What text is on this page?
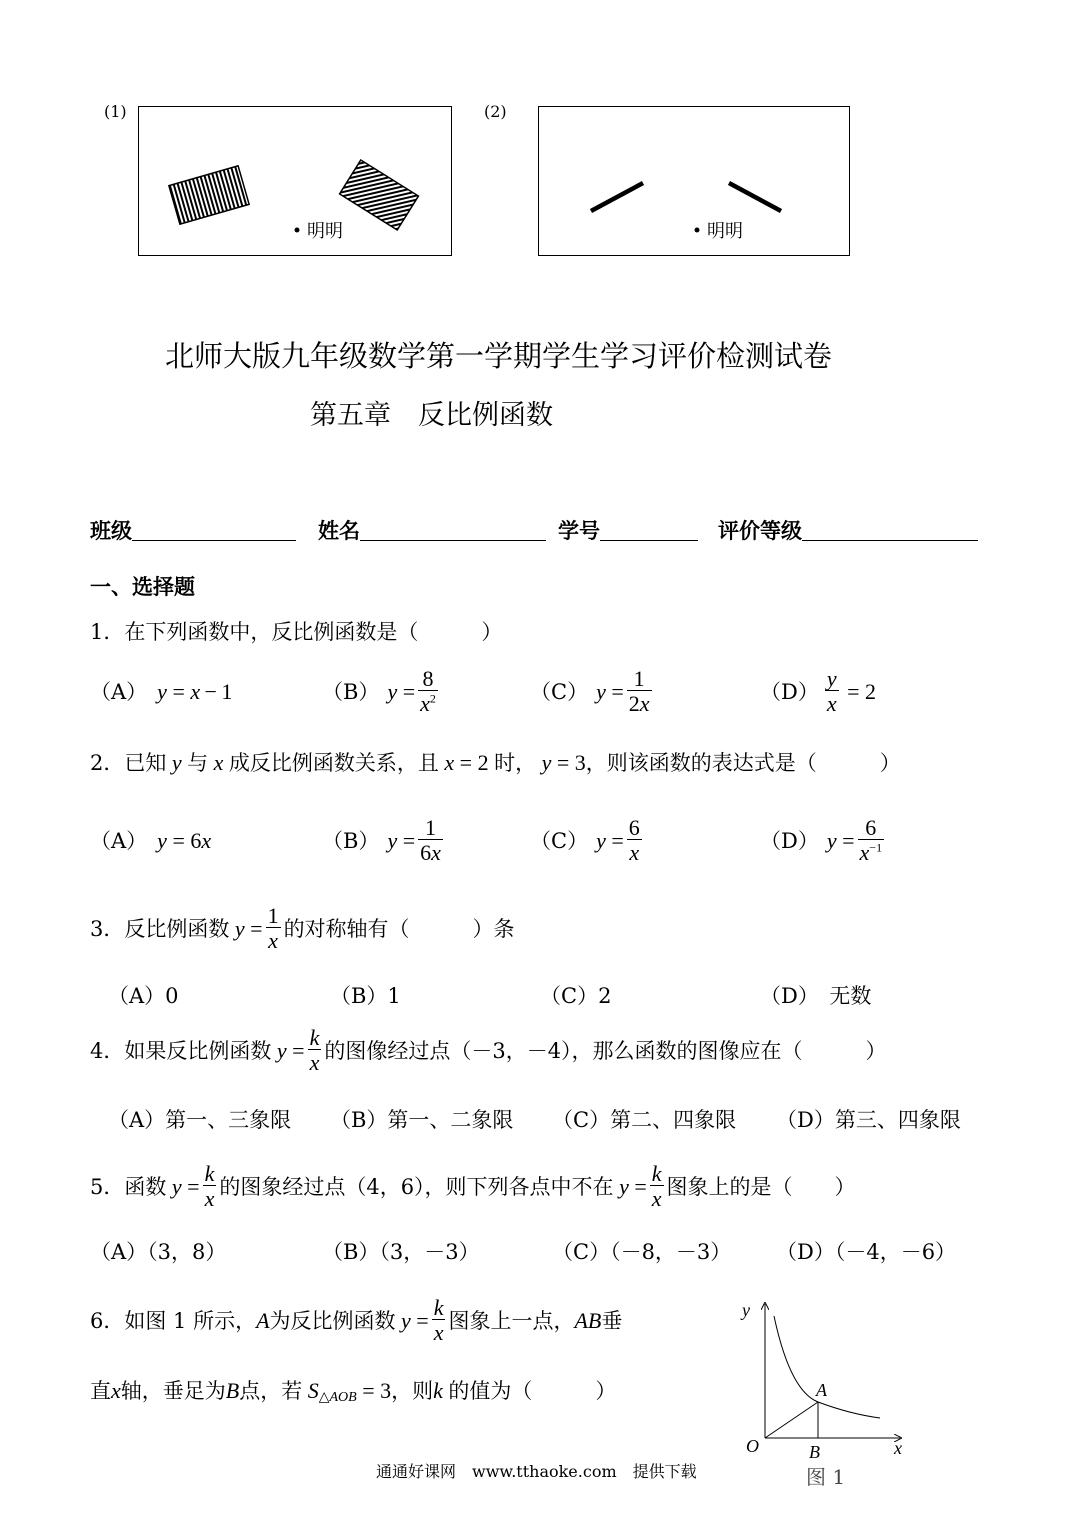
(1)
明明
(2)
明明
北师大版九年级数学第一学期学生学习评价检测试卷
第五章　反比例函数
班级	姓名	学号	评价等级
一、选择题
1．在下列函数中，反比例函数是（　　　）
（A） y = x  − 1	（B） $y = \frac{8}{x^2}$	（C） $y = \frac{1}{2x}$	$(D) \frac{y}{x} = 2$
2．已知 y 与 x 成反比例函数关系，且 x = 2 时， y = 3 ，则该函数的表达式是（　　　）
（A） y = 6 x	（B） $y = \frac{1}{6x}$	（C） $y = \frac{6}{x}$	（D） $y = \frac{6}{x^{-1}}$
3．反比例函数 $y = \frac{1}{x}$ 的对称轴有（　　　）条
（A）0	（B）1	（C）2	（D）　无数
4．如果反比例函数 $y = \frac{k}{x}$ 的图像经过点（－3，－4），那么函数的图像应在（　　　）
（A）第一、三象限 （B）第一、二象限 （C）第二、四象限 （D）第三、四象限
5．函数 $y = \frac{k}{x}$ 的图象经过点（4，6），则下列各点中不在 $y = \frac{k}{x}$ 图象上的是（　　）
（A）（3，8）	（B）（3，－3）	（C）（－8，－3） （D）（－4，－6）
6．如图 1 所示， A 为反比例函数 $y = \frac{k}{x}$ 图象上一点， AB 垂
直 x 轴，垂足为 B 点，若 S △AOB = 3 ，则 k 的值为（　　　）
y
x
O
A
B
图 1
通通好课网　www.tthaoke.com　提供下载
